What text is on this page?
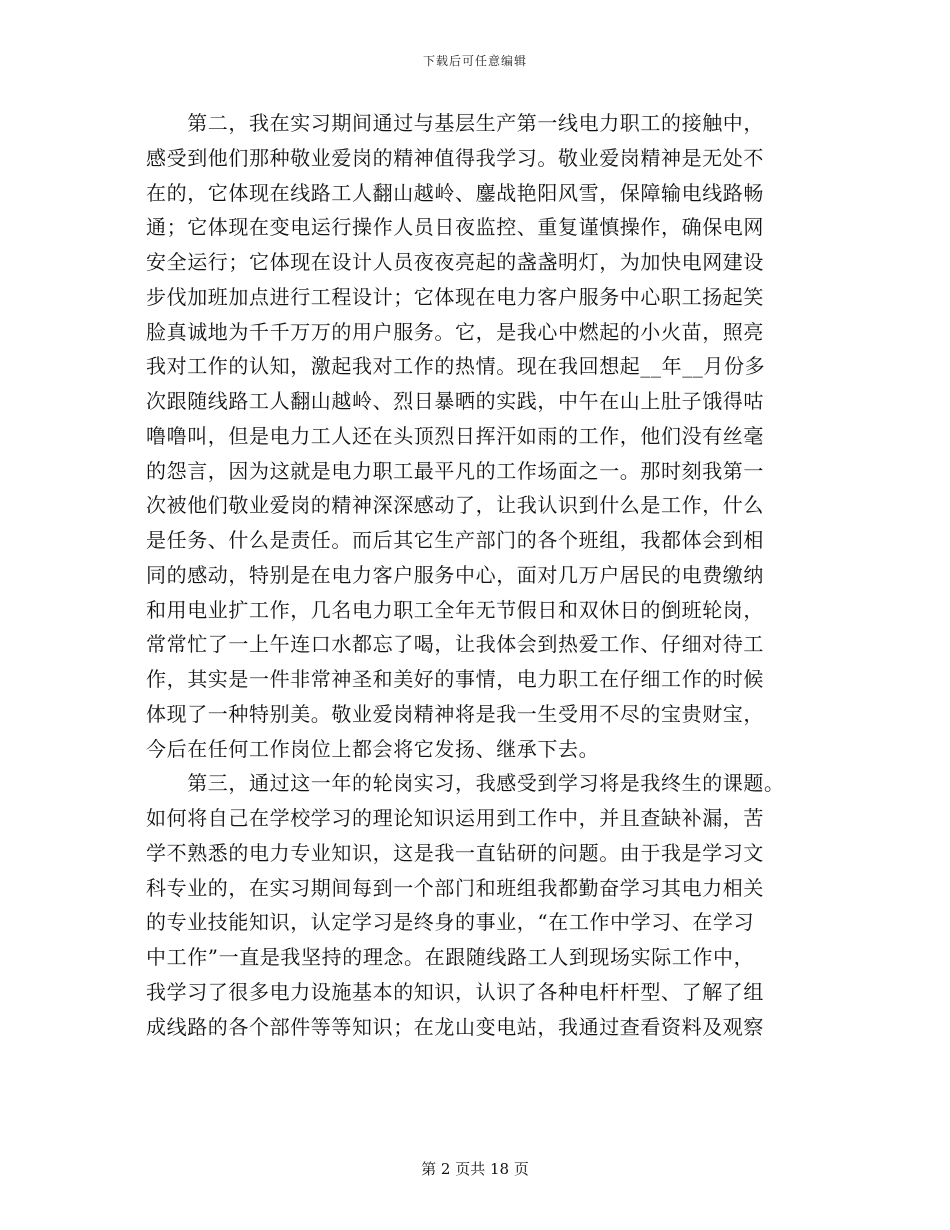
下载后可任意编辑
　　第二，我在实习期间通过与基层生产第一线电力职工的接触中，
感受到他们那种敬业爱岗的精神值得我学习。敬业爱岗精神是无处不
在的，它体现在线路工人翻山越岭、鏖战艳阳风雪，保障输电线路畅
通；它体现在变电运行操作人员日夜监控、重复谨慎操作，确保电网
安全运行；它体现在设计人员夜夜亮起的盏盏明灯，为加快电网建设
步伐加班加点进行工程设计；它体现在电力客户服务中心职工扬起笑
脸真诚地为千千万万的用户服务。它，是我心中燃起的小火苗，照亮
我对工作的认知，激起我对工作的热情。现在我回想起__年__月份多
次跟随线路工人翻山越岭、烈日暴晒的实践，中午在山上肚子饿得咕
噜噜叫，但是电力工人还在头顶烈日挥汗如雨的工作，他们没有丝毫
的怨言，因为这就是电力职工最平凡的工作场面之一。那时刻我第一
次被他们敬业爱岗的精神深深感动了，让我认识到什么是工作，什么
是任务、什么是责任。而后其它生产部门的各个班组，我都体会到相
同的感动，特别是在电力客户服务中心，面对几万户居民的电费缴纳
和用电业扩工作，几名电力职工全年无节假日和双休日的倒班轮岗，
常常忙了一上午连口水都忘了喝，让我体会到热爱工作、仔细对待工
作，其实是一件非常神圣和美好的事情，电力职工在仔细工作的时候
体现了一种特别美。敬业爱岗精神将是我一生受用不尽的宝贵财宝，
今后在任何工作岗位上都会将它发扬、继承下去。
　　第三，通过这一年的轮岗实习，我感受到学习将是我终生的课题。
如何将自己在学校学习的理论知识运用到工作中，并且查缺补漏，苦
学不熟悉的电力专业知识，这是我一直钻研的问题。由于我是学习文
科专业的，在实习期间每到一个部门和班组我都勤奋学习其电力相关
的专业技能知识，认定学习是终身的事业，“在工作中学习、在学习
中工作”一直是我坚持的理念。在跟随线路工人到现场实际工作中，
我学习了很多电力设施基本的知识，认识了各种电杆杆型、了解了组
成线路的各个部件等等知识；在龙山变电站，我通过查看资料及观察
第 2 页共 18 页
